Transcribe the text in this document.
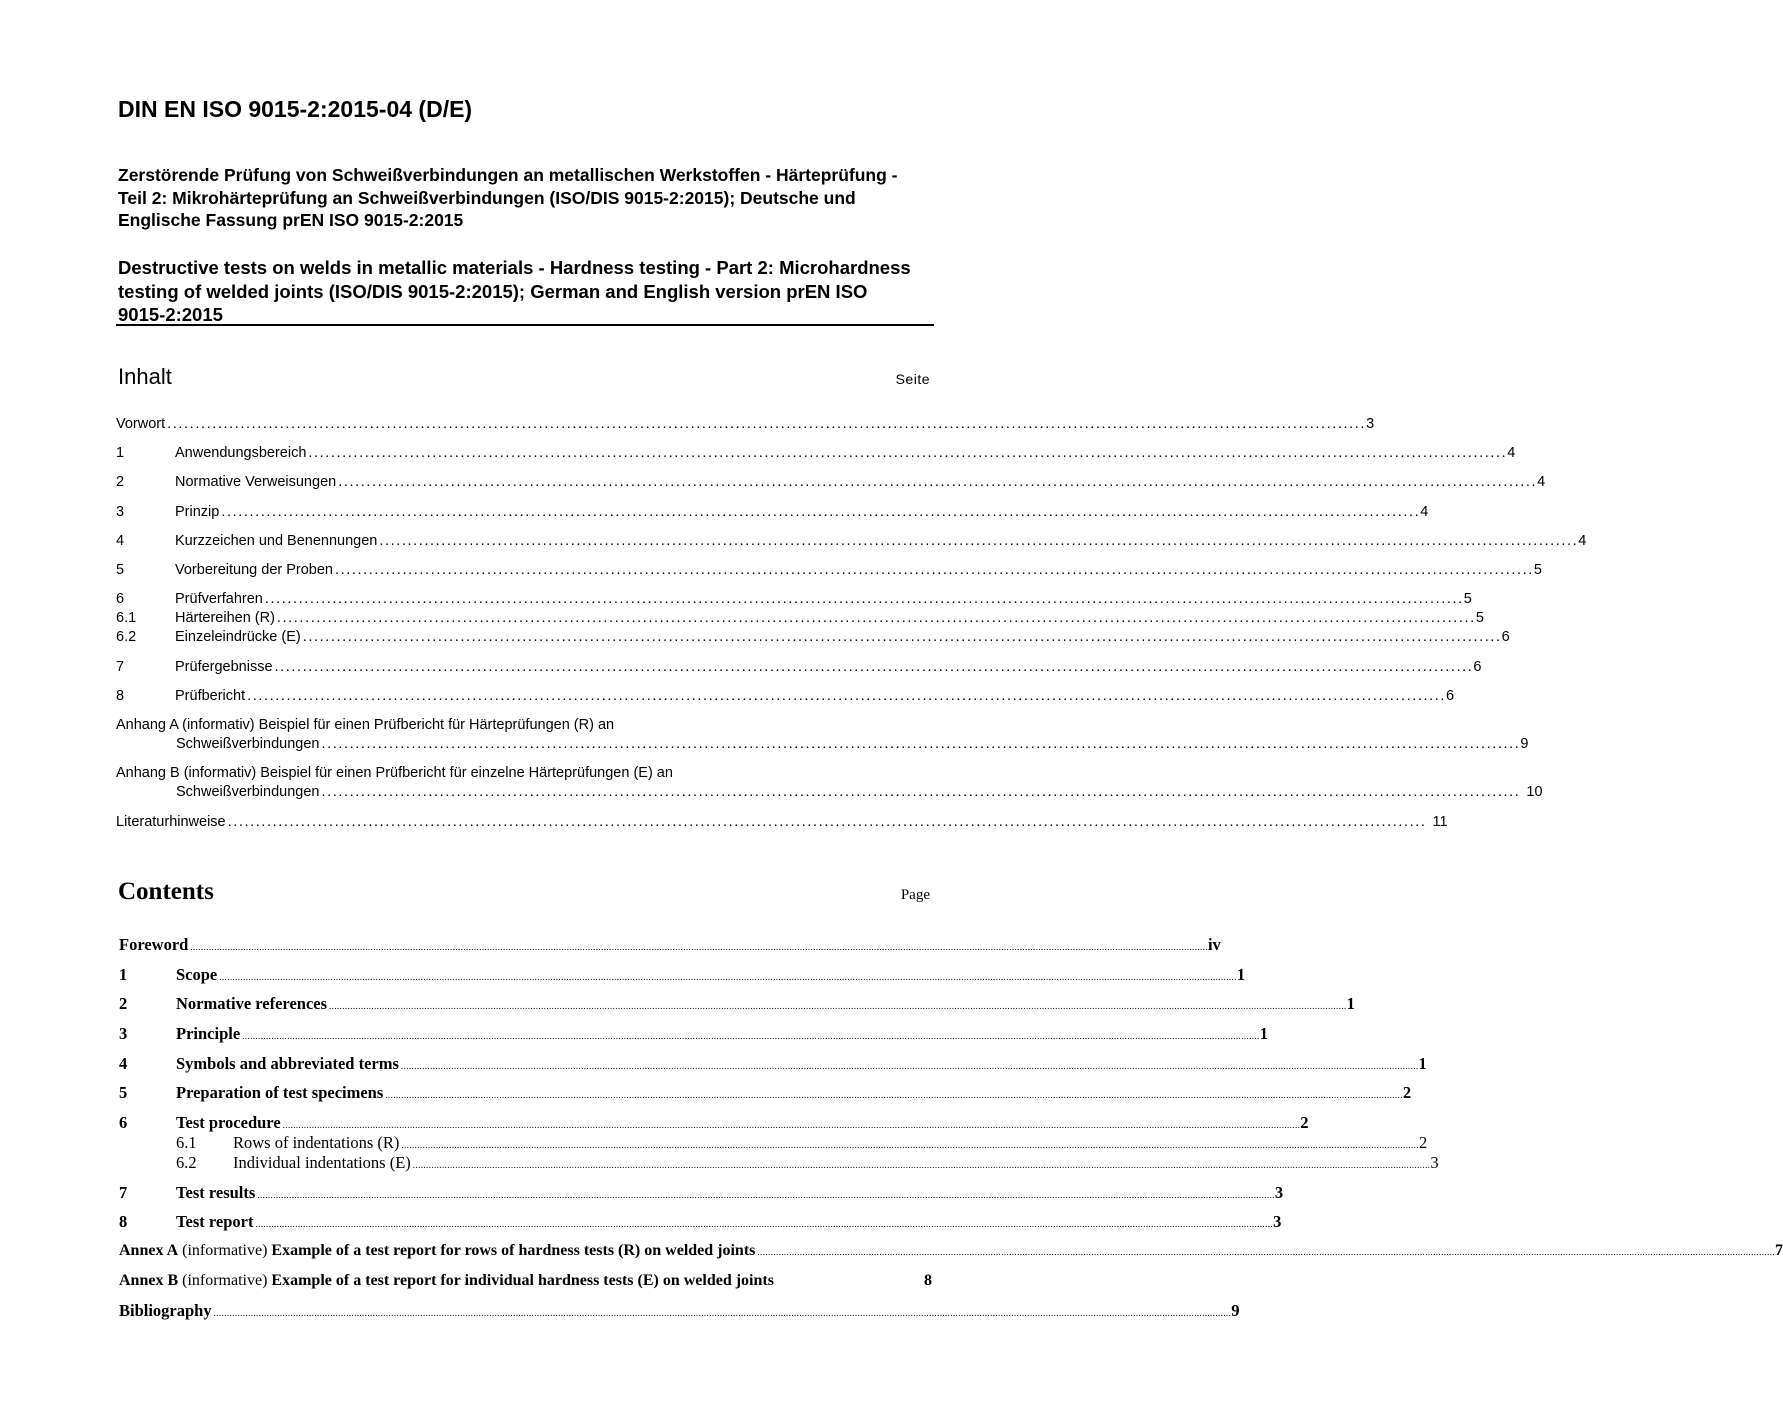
DIN EN ISO 9015-2:2015-04 (D/E)
Zerstörende Prüfung von Schweißverbindungen an metallischen Werkstoffen - Härteprüfung - Teil 2: Mikrohärteprüfung an Schweißverbindungen (ISO/DIS 9015-2:2015); Deutsche und Englische Fassung prEN ISO 9015-2:2015
Destructive tests on welds in metallic materials - Hardness testing - Part 2: Microhardness testing of welded joints (ISO/DIS 9015-2:2015); German and English version prEN ISO 9015-2:2015
Inhalt	Seite
Vorwort ..................................................................................................................................................................................................................... 3
1	Anwendungsbereich ..................................................................................................................................................................................................................... 4
2	Normative Verweisungen ..................................................................................................................................................................................................................... 4
3	Prinzip ..................................................................................................................................................................................................................... 4
4	Kurzzeichen und Benennungen ..................................................................................................................................................................................................................... 4
5	Vorbereitung der Proben ..................................................................................................................................................................................................................... 5
6	Prüfverfahren ..................................................................................................................................................................................................................... 5
6.1	Härtereihen (R) ..................................................................................................................................................................................................................... 5
6.2	Einzeleindrücke (E) ..................................................................................................................................................................................................................... 6
7	Prüfergebnisse ..................................................................................................................................................................................................................... 6
8	Prüfbericht ..................................................................................................................................................................................................................... 6
Anhang A (informativ) Beispiel für einen Prüfbericht für Härteprüfungen (R) an
Schweißverbindungen ..................................................................................................................................................................................................................... 9
Anhang B (informativ) Beispiel für einen Prüfbericht für einzelne Härteprüfungen (E) an
Schweißverbindungen ..................................................................................................................................................................................................................... 10
Literaturhinweise ..................................................................................................................................................................................................................... 11
Contents	Page
Foreword ................................................................................................................................................................................................................................................................................................................................................................................................ iv
1	Scope ................................................................................................................................................................................................................................................................................................................................................................................................ 1
2	Normative references ................................................................................................................................................................................................................................................................................................................................................................................................ 1
3	Principle ................................................................................................................................................................................................................................................................................................................................................................................................ 1
4	Symbols and abbreviated terms ................................................................................................................................................................................................................................................................................................................................................................................................ 1
5	Preparation of test specimens ................................................................................................................................................................................................................................................................................................................................................................................................ 2
6	Test procedure ................................................................................................................................................................................................................................................................................................................................................................................................ 2
6.1	Rows of indentations (R) ................................................................................................................................................................................................................................................................................................................................................................................................ 2
6.2	Individual indentations (E) ................................................................................................................................................................................................................................................................................................................................................................................................ 3
7	Test results ................................................................................................................................................................................................................................................................................................................................................................................................ 3
8	Test report ................................................................................................................................................................................................................................................................................................................................................................................................ 3
Annex A (informative) Example of a test report for rows of hardness tests (R) on welded joints ................................................................................................................................................................................................................................................................................................................................................................................................ 7
Annex B (informative) Example of a test report for individual hardness tests (E) on welded joints	8
Bibliography ................................................................................................................................................................................................................................................................................................................................................................................................ 9
